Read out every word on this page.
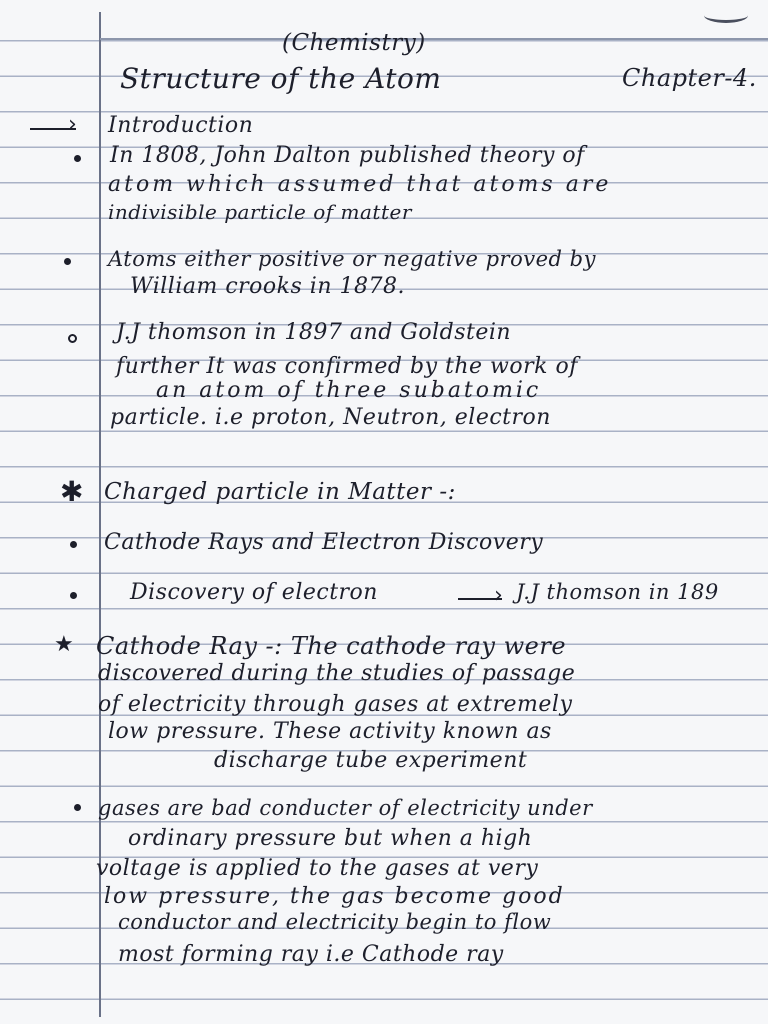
(Chemistry)
Structure of the Atom	Chapter-4.
› Introduction
In 1808, John Dalton published theory of
atom which assumed that atoms are
indivisible particle of matter
Atoms either positive or negative proved by
William crooks in 1878.
J.J thomson in 1897 and Goldstein
further It was confirmed by the work of
an atom of three subatomic
particle. i.e proton, Neutron, electron
✱ Charged particle in Matter -:
Cathode Rays and Electron Discovery
Discovery of electron	› J.J thomson in 189
★ Cathode Ray -: The cathode ray were
discovered during the studies of passage
of electricity through gases at extremely
low pressure. These activity known as
discharge tube experiment
gases are bad conducter of electricity under
ordinary pressure but when a high
voltage is applied to the gases at very
low pressure, the gas become good
conductor and electricity begin to flow
most forming ray i.e Cathode ray
